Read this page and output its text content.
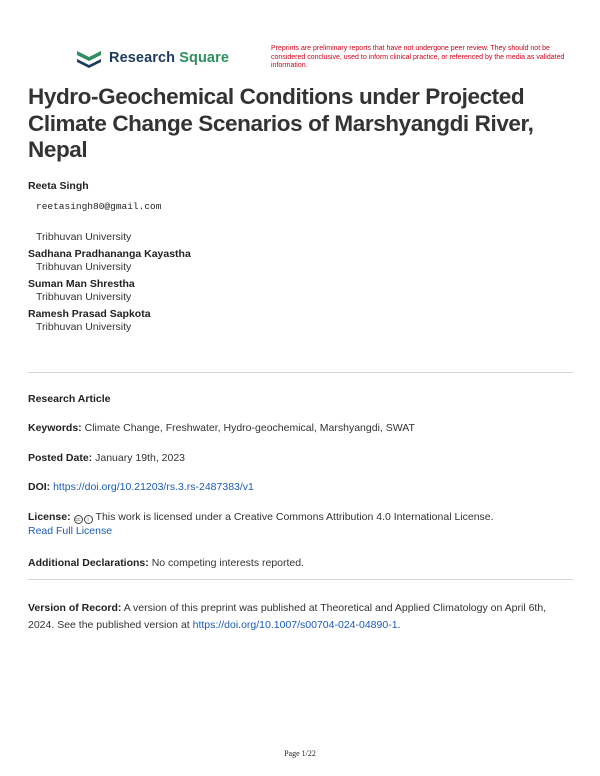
Research Square
Preprints are preliminary reports that have not undergone peer review. They should not be considered conclusive, used to inform clinical practice, or referenced by the media as validated information.
Hydro-Geochemical Conditions under Projected Climate Change Scenarios of Marshyangdi River, Nepal
Reeta Singh
reetasingh80@gmail.com
Tribhuvan University
Sadhana Pradhananga Kayastha
Tribhuvan University
Suman Man Shrestha
Tribhuvan University
Ramesh Prasad Sapkota
Tribhuvan University
Research Article
Keywords: Climate Change, Freshwater, Hydro-geochemical, Marshyangdi, SWAT
Posted Date: January 19th, 2023
DOI: https://doi.org/10.21203/rs.3.rs-2487383/v1
License: cc	i This work is licensed under a Creative Commons Attribution 4.0 International License.
Read Full License
Additional Declarations: No competing interests reported.
Version of Record: A version of this preprint was published at Theoretical and Applied Climatology on April 6th, 2024. See the published version at https://doi.org/10.1007/s00704-024-04890-1.
Page 1/22
